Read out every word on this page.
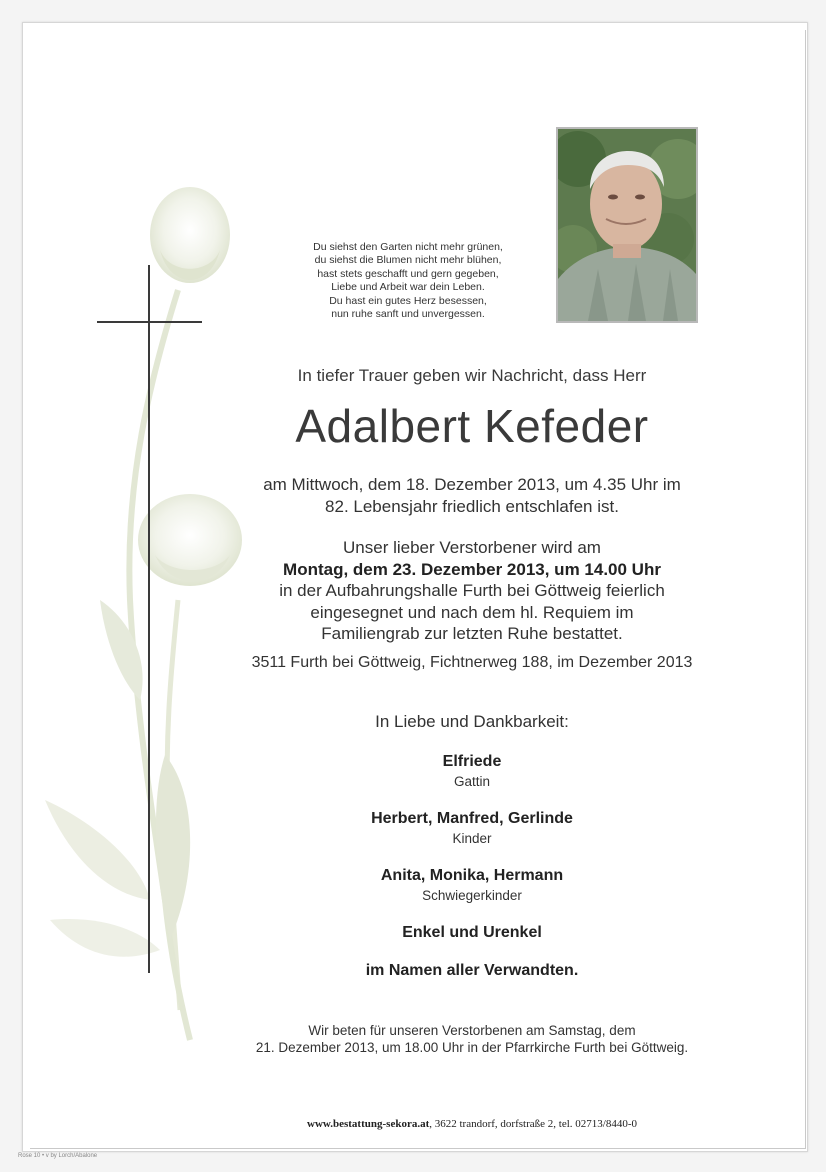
Du siehst den Garten nicht mehr grünen,
du siehst die Blumen nicht mehr blühen,
hast stets geschafft und gern gegeben,
Liebe und Arbeit war dein Leben.
Du hast ein gutes Herz besessen,
nun ruhe sanft und unvergessen.
In tiefer Trauer geben wir Nachricht, dass Herr
Adalbert Kefeder
am Mittwoch, dem 18. Dezember 2013, um 4.35 Uhr im
82. Lebensjahr friedlich entschlafen ist.
Unser lieber Verstorbener wird am
Montag, dem 23. Dezember 2013, um 14.00 Uhr
in der Aufbahrungshalle Furth bei Göttweig feierlich
eingesegnet und nach dem hl. Requiem im
Familiengrab zur letzten Ruhe bestattet.
3511 Furth bei Göttweig, Fichtnerweg 188, im Dezember 2013
In Liebe und Dankbarkeit:
Elfriede
Gattin
Herbert, Manfred, Gerlinde
Kinder
Anita, Monika, Hermann
Schwiegerkinder
Enkel und Urenkel
im Namen aller Verwandten.
Wir beten für unseren Verstorbenen am Samstag, dem
21. Dezember 2013, um 18.00 Uhr in der Pfarrkirche Furth bei Göttweig.
www.bestattung-sekora.at, 3622 trandorf, dorfstraße 2, tel. 02713/8440-0
Rose 10 • v by Lorch/Abalone
